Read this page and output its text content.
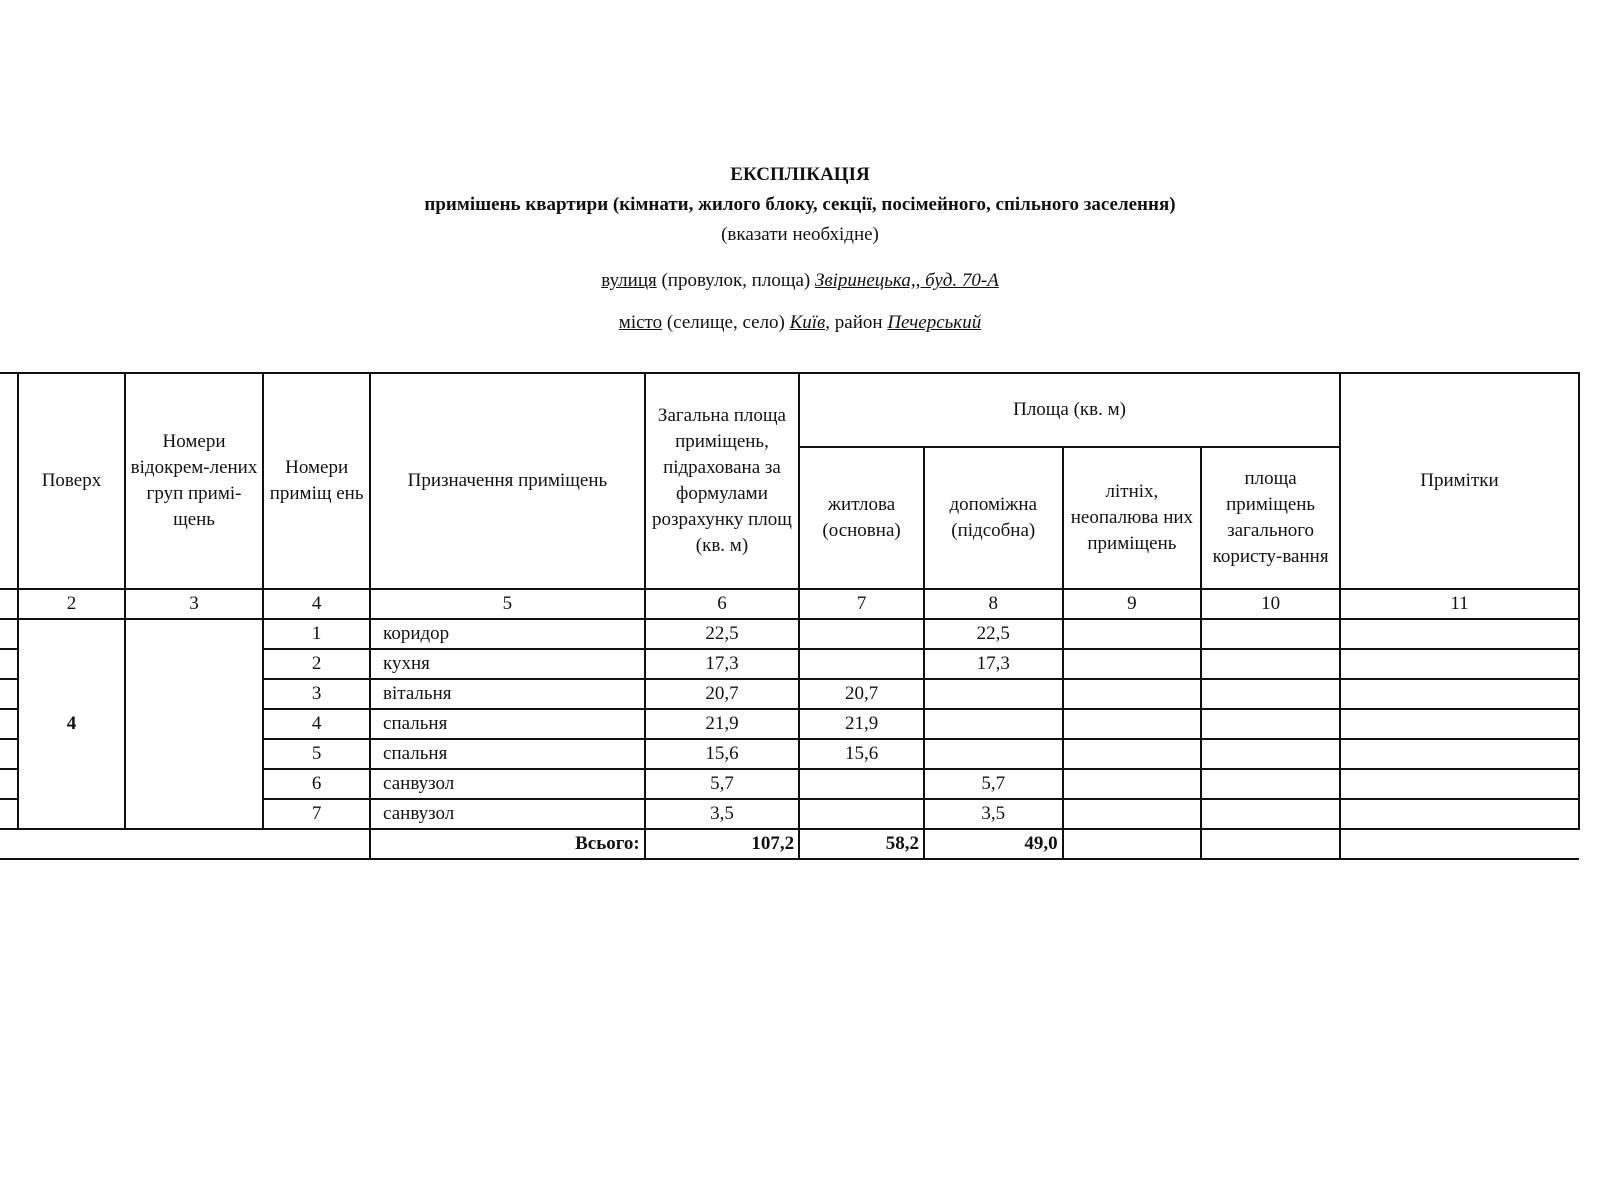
ЕКСПЛІКАЦІЯ
примішень квартири (кімнати, жилого блоку, секції, посімейного, спільного заселення)
(вказати необхідне)
вулиця (провулок, площа) Звіринецька,, буд. 70-А
місто (селище, село) Київ, район Печерський
	Поверх	Номери відокрем-лених груп примі-щень	Номери приміщ ень	Призначення приміщень	Загальна площа приміщень, підрахована за формулами розрахунку площ (кв. м)	Площа (кв. м)				Примітки
						житлова (основна)	допоміжна (підсобна)	літніх, неопалюва них приміщень	площа приміщень загального користу-вання	
	2	3	4	5	6	7	8	9	10	11
	4		1	коридор	22,5		22,5			
			2	кухня	17,3		17,3			
			3	вітальня	20,7	20,7				
			4	спальня	21,9	21,9				
			5	спальня	15,6	15,6				
			6	санвузол	5,7		5,7			
			7	санвузол	3,5		3,5			
				Всього:	107,2	58,2	49,0			
